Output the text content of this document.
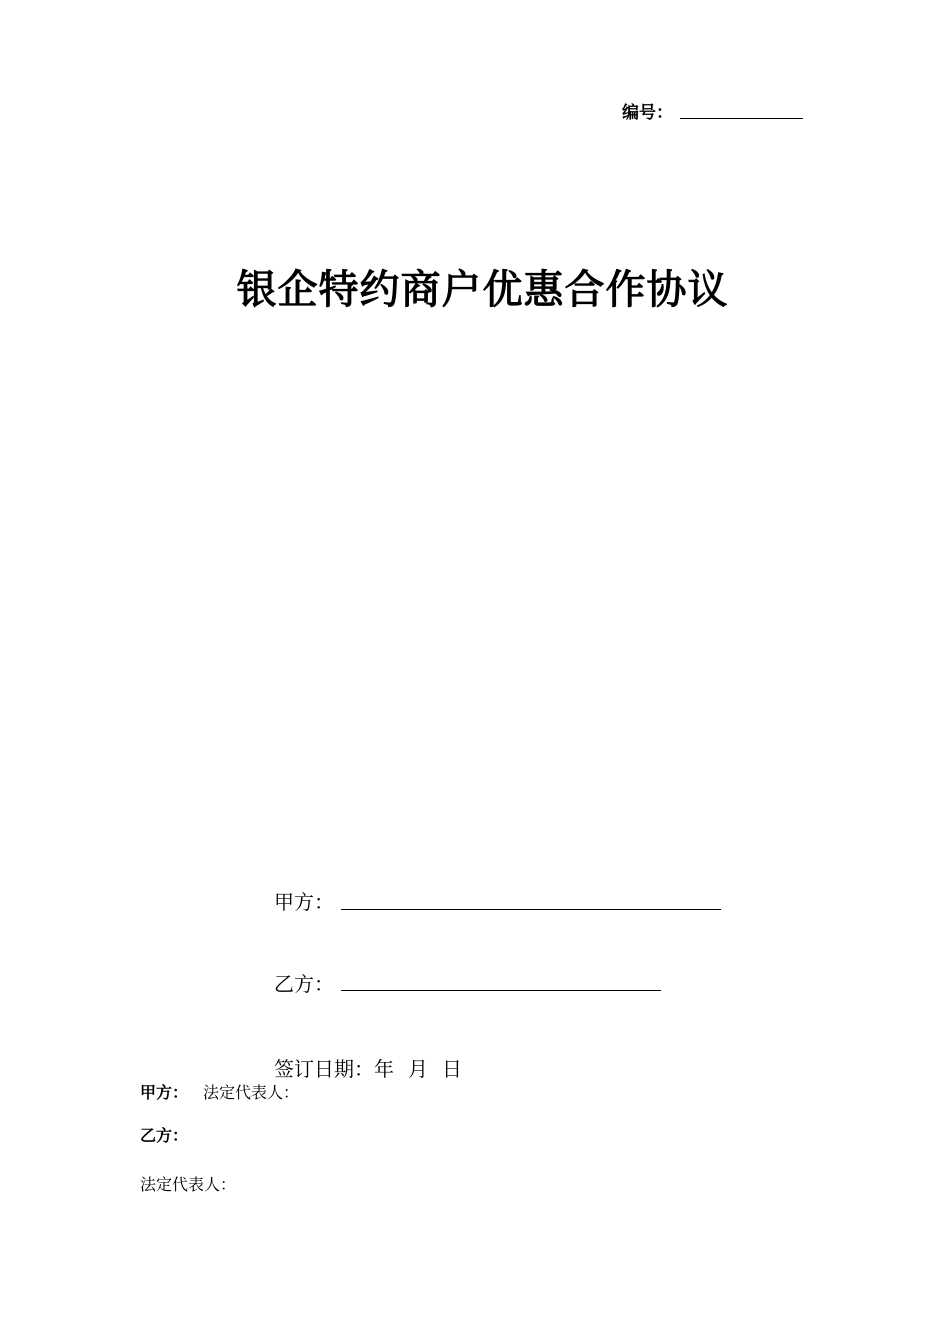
编号：
银企特约商户优惠合作协议
甲方：
乙方：
签订日期：年 月 日
甲方： 法定代表人：
乙方：
法定代表人：
